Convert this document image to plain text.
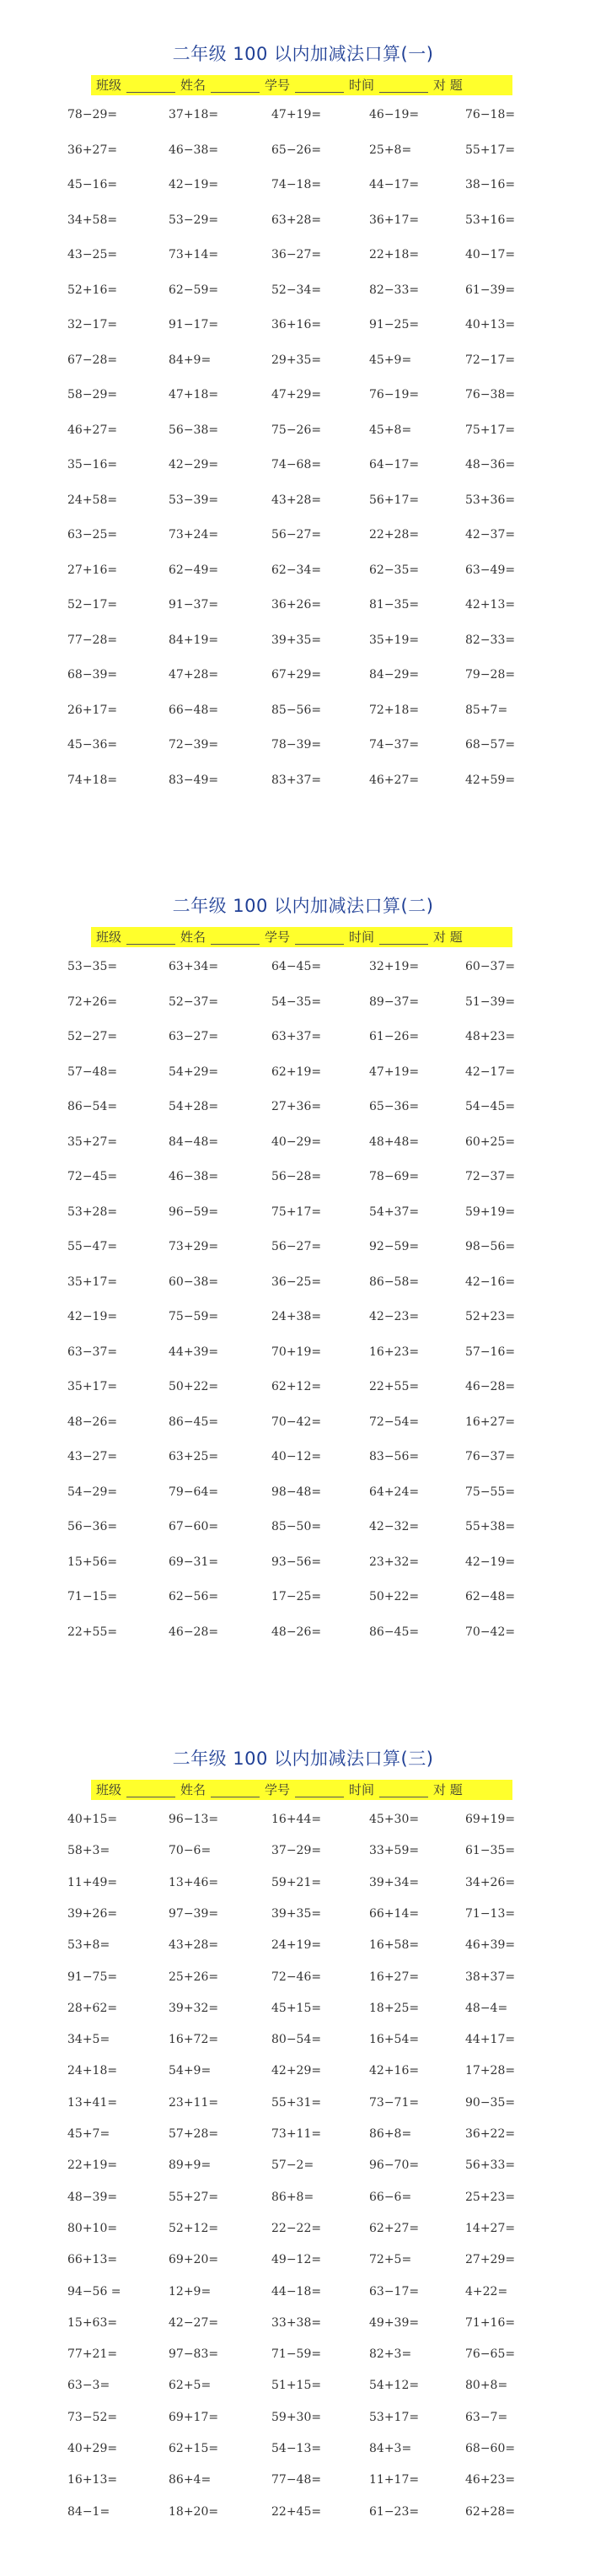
二年级 100 以内加减法口算(一)
班级	姓名	学号	时间	对 题
78−29=	37+18=	47+19=	46−19=	76−18=
36+27=	46−38=	65−26=	25+8=	55+17=
45−16=	42−19=	74−18=	44−17=	38−16=
34+58=	53−29=	63+28=	36+17=	53+16=
43−25=	73+14=	36−27=	22+18=	40−17=
52+16=	62−59=	52−34=	82−33=	61−39=
32−17=	91−17=	36+16=	91−25=	40+13=
67−28=	84+9=	29+35=	45+9=	72−17=
58−29=	47+18=	47+29=	76−19=	76−38=
46+27=	56−38=	75−26=	45+8=	75+17=
35−16=	42−29=	74−68=	64−17=	48−36=
24+58=	53−39=	43+28=	56+17=	53+36=
63−25=	73+24=	56−27=	22+28=	42−37=
27+16=	62−49=	62−34=	62−35=	63−49=
52−17=	91−37=	36+26=	81−35=	42+13=
77−28=	84+19=	39+35=	35+19=	82−33=
68−39=	47+28=	67+29=	84−29=	79−28=
26+17=	66−48=	85−56=	72+18=	85+7=
45−36=	72−39=	78−39=	74−37=	68−57=
74+18=	83−49=	83+37=	46+27=	42+59=
二年级 100 以内加减法口算(二)
班级	姓名	学号	时间	对 题
53−35=	63+34=	64−45=	32+19=	60−37=
72+26=	52−37=	54−35=	89−37=	51−39=
52−27=	63−27=	63+37=	61−26=	48+23=
57−48=	54+29=	62+19=	47+19=	42−17=
86−54=	54+28=	27+36=	65−36=	54−45=
35+27=	84−48=	40−29=	48+48=	60+25=
72−45=	46−38=	56−28=	78−69=	72−37=
53+28=	96−59=	75+17=	54+37=	59+19=
55−47=	73+29=	56−27=	92−59=	98−56=
35+17=	60−38=	36−25=	86−58=	42−16=
42−19=	75−59=	24+38=	42−23=	52+23=
63−37=	44+39=	70+19=	16+23=	57−16=
35+17=	50+22=	62+12=	22+55=	46−28=
48−26=	86−45=	70−42=	72−54=	16+27=
43−27=	63+25=	40−12=	83−56=	76−37=
54−29=	79−64=	98−48=	64+24=	75−55=
56−36=	67−60=	85−50=	42−32=	55+38=
15+56=	69−31=	93−56=	23+32=	42−19=
71−15=	62−56=	17−25=	50+22=	62−48=
22+55=	46−28=	48−26=	86−45=	70−42=
二年级 100 以内加减法口算(三)
班级	姓名	学号	时间	对 题
40+15=	96−13=	16+44=	45+30=	69+19=
58+3=	70−6=	37−29=	33+59=	61−35=
11+49=	13+46=	59+21=	39+34=	34+26=
39+26=	97−39=	39+35=	66+14=	71−13=
53+8=	43+28=	24+19=	16+58=	46+39=
91−75=	25+26=	72−46=	16+27=	38+37=
28+62=	39+32=	45+15=	18+25=	48−4=
34+5=	16+72=	80−54=	16+54=	44+17=
24+18=	54+9=	42+29=	42+16=	17+28=
13+41=	23+11=	55+31=	73−71=	90−35=
45+7=	57+28=	73+11=	86+8=	36+22=
22+19=	89+9=	57−2=	96−70=	56+33=
48−39=	55+27=	86+8=	66−6=	25+23=
80+10=	52+12=	22−22=	62+27=	14+27=
66+13=	69+20=	49−12=	72+5=	27+29=
94−56 =	12+9=	44−18=	63−17=	4+22=
15+63=	42−27=	33+38=	49+39=	71+16=
77+21=	97−83=	71−59=	82+3=	76−65=
63−3=	62+5=	51+15=	54+12=	80+8=
73−52=	69+17=	59+30=	53+17=	63−7=
40+29=	62+15=	54−13=	84+3=	68−60=
16+13=	86+4=	77−48=	11+17=	46+23=
84−1=	18+20=	22+45=	61−23=	62+28=
